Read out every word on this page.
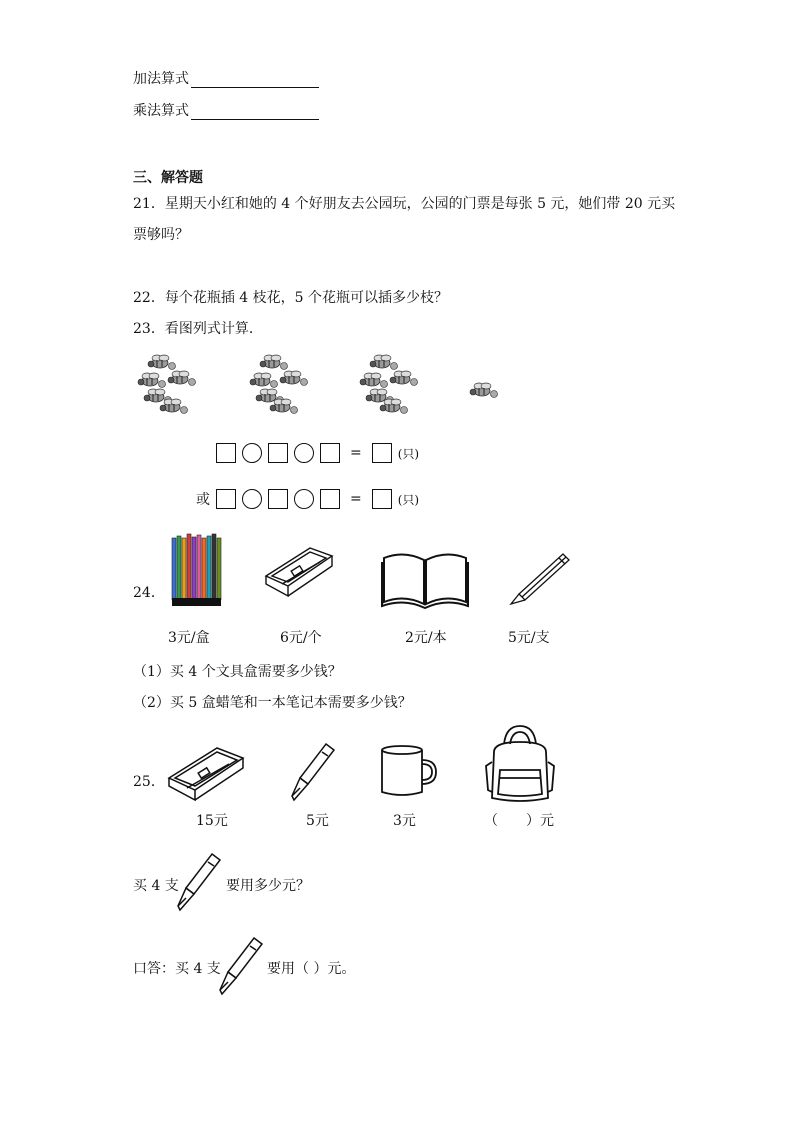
加法算式
乘法算式
三、解答题
21．星期天小红和她的 4 个好朋友去公园玩，公园的门票是每张 5 元，她们带 20 元买
票够吗？
22．每个花瓶插 4 枝花，5 个花瓶可以插多少枝？
23．看图列式计算．
=	(只)
或	=	(只)
24．
3元/盒	6元/个	2元/本	5元/支
（1）买 4 个文具盒需要多少钱？
（2）买 5 盒蜡笔和一本笔记本需要多少钱？
25．
15元	5元	3元	（　　）元
买 4 支	要用多少元？
口答：买 4 支	要用（ ）元。
